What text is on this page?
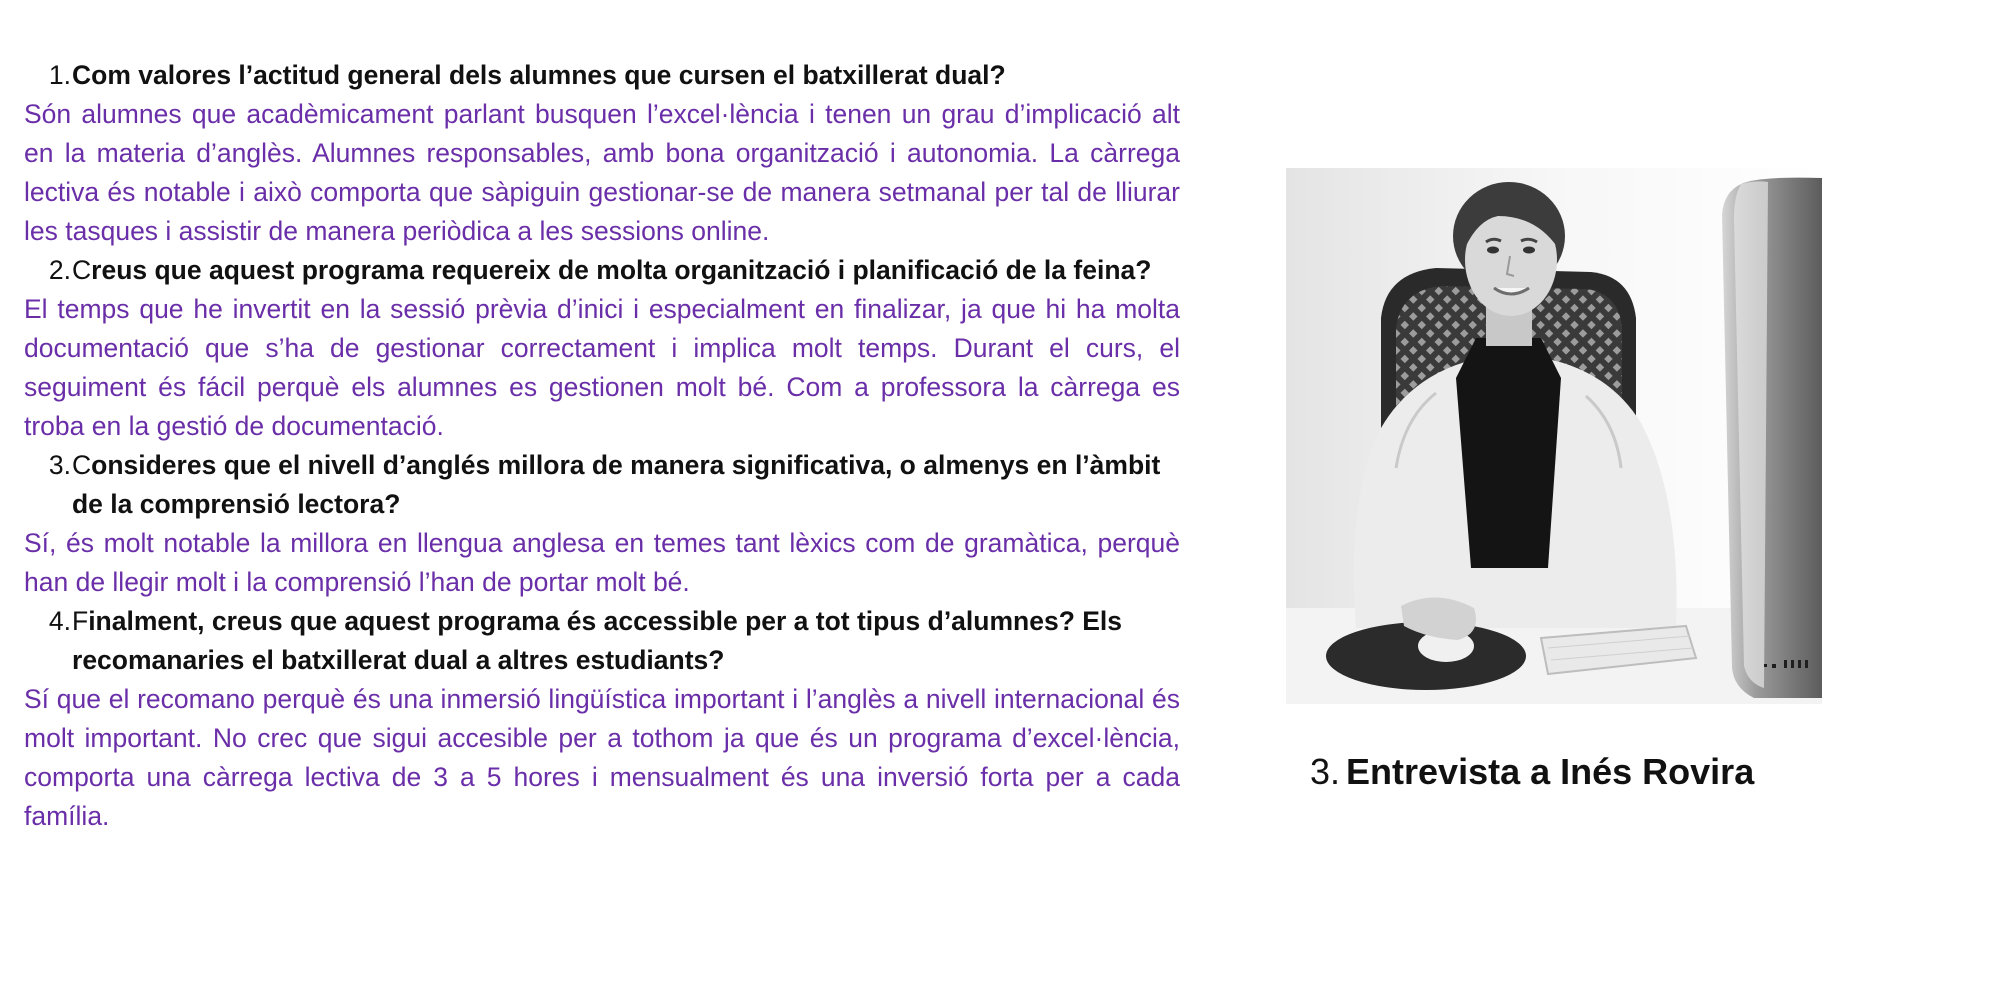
1. Com valores l’actitud general dels alumnes que cursen el batxillerat dual?

Són alumnes que acadèmicament parlant busquen l’excel·lència i tenen un grau d’implicació alt en la materia d’anglès. Alumnes responsables, amb bona organització i autonomia. La càrrega lectiva és notable i això comporta que sàpiguin gestionar-se de manera setmanal per tal de lliurar les tasques i assistir de manera periòdica a les sessions online.

2. Creus que aquest programa requereix de molta organització i planificació de la feina?

El temps que he invertit en la sessió prèvia d’inici i especialment en finalizar, ja que hi ha molta documentació que s’ha de gestionar correctament i implica molt temps. Durant el curs, el seguiment és fácil perquè els alumnes es gestionen molt bé. Com a professora la càrrega es troba en la gestió de documentació.

3. Consideres que el nivell d’anglés millora de manera significativa, o almenys en l’àmbit de la comprensió lectora?

Sí, és molt notable la millora en llengua anglesa en temes tant lèxics com de gramàtica, perquè han de llegir molt i la comprensió l’han de portar molt bé.

4. Finalment, creus que aquest programa és accessible per a tot tipus d’alumnes? Els recomanaries el batxillerat dual a altres estudiants?

Sí que el recomano perquè és una inmersió lingüística important i l’anglès a nivell internacional és molt important. No crec que sigui accesible per a tothom ja que és un programa d’excel·lència, comporta una càrrega lectiva de 3 a 5 hores i mensualment és una inversió forta per a cada família.

3. Entrevista a Inés Rovira
